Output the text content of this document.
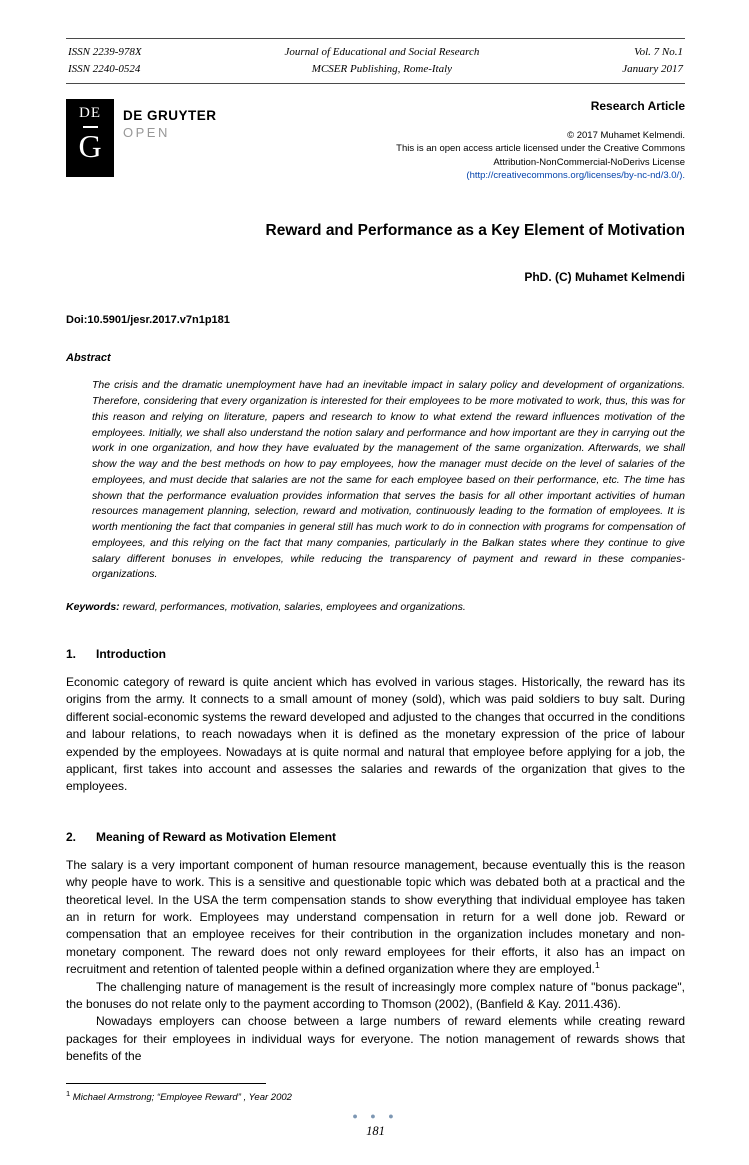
ISSN 2239-978X
ISSN 2240-0524
Journal of Educational and Social Research
MCSER Publishing, Rome-Italy
Vol. 7 No.1
January 2017
DE
G
DE GRUYTER
OPEN
Research Article
© 2017 Muhamet Kelmendi.
This is an open access article licensed under the Creative Commons
Attribution-NonCommercial-NoDerivs License
(http://creativecommons.org/licenses/by-nc-nd/3.0/).
Reward and Performance as a Key Element of Motivation
PhD. (C) Muhamet Kelmendi
Doi:10.5901/jesr.2017.v7n1p181
Abstract
The crisis and the dramatic unemployment have had an inevitable impact in salary policy and development of organizations. Therefore, considering that every organization is interested for their employees to be more motivated to work, thus, this was for this reason and relying on literature, papers and research to know to what extend the reward influences motivation of the employees. Initially, we shall also understand the notion salary and performance and how important are they in carrying out the work in one organization, and how they have evaluated by the management of the same organization. Afterwards, we shall show the way and the best methods on how to pay employees, how the manager must decide on the level of salaries of the employees, and must decide that salaries are not the same for each employee based on their performance, etc. The time has shown that the performance evaluation provides information that serves the basis for all other important activities of human resources management planning, selection, reward and motivation, continuously leading to the formation of employees. It is worth mentioning the fact that companies in general still has much work to do in connection with programs for compensation of employees, and this relying on the fact that many companies, particularly in the Balkan states where they continue to give salary different bonuses in envelopes, while reducing the transparency of payment and reward in these companies-organizations.
Keywords: reward, performances, motivation, salaries, employees and organizations.
1. Introduction

Economic category of reward is quite ancient which has evolved in various stages. Historically, the reward has its origins from the army. It connects to a small amount of money (sold), which was paid soldiers to buy salt. During different social-economic systems the reward developed and adjusted to the changes that occurred in the conditions and labour relations, to reach nowadays when it is defined as the monetary expression of the price of labour expended by the employees. Nowadays at is quite normal and natural that employee before applying for a job, the applicant, first takes into account and assesses the salaries and rewards of the organization that gives to the employees.

2. Meaning of Reward as Motivation Element

The salary is a very important component of human resource management, because eventually this is the reason why people have to work. This is a sensitive and questionable topic which was debated both at a practical and the theoretical level. In the USA the term compensation stands to show everything that individual employee has taken an in return for work. Employees may understand compensation in return for a well done job. Reward or compensation that an employee receives for their contribution in the organization includes monetary and non-monetary component. The reward does not only reward employees for their efforts, it also has an impact on recruitment and retention of talented people within a defined organization where they are employed.$^1$

The challenging nature of management is the result of increasingly more complex nature of "bonus package", the bonuses do not relate only to the payment according to Thomson (2002), (Banfield & Kay. 2011.436).

Nowadays employers can choose between a large numbers of reward elements while creating reward packages for their employees in individual ways for everyone. The notion management of rewards shows that benefits of the

$^1$ Michael Armstrong; “Employee Reward” , Year 2002
● ● ●
181
